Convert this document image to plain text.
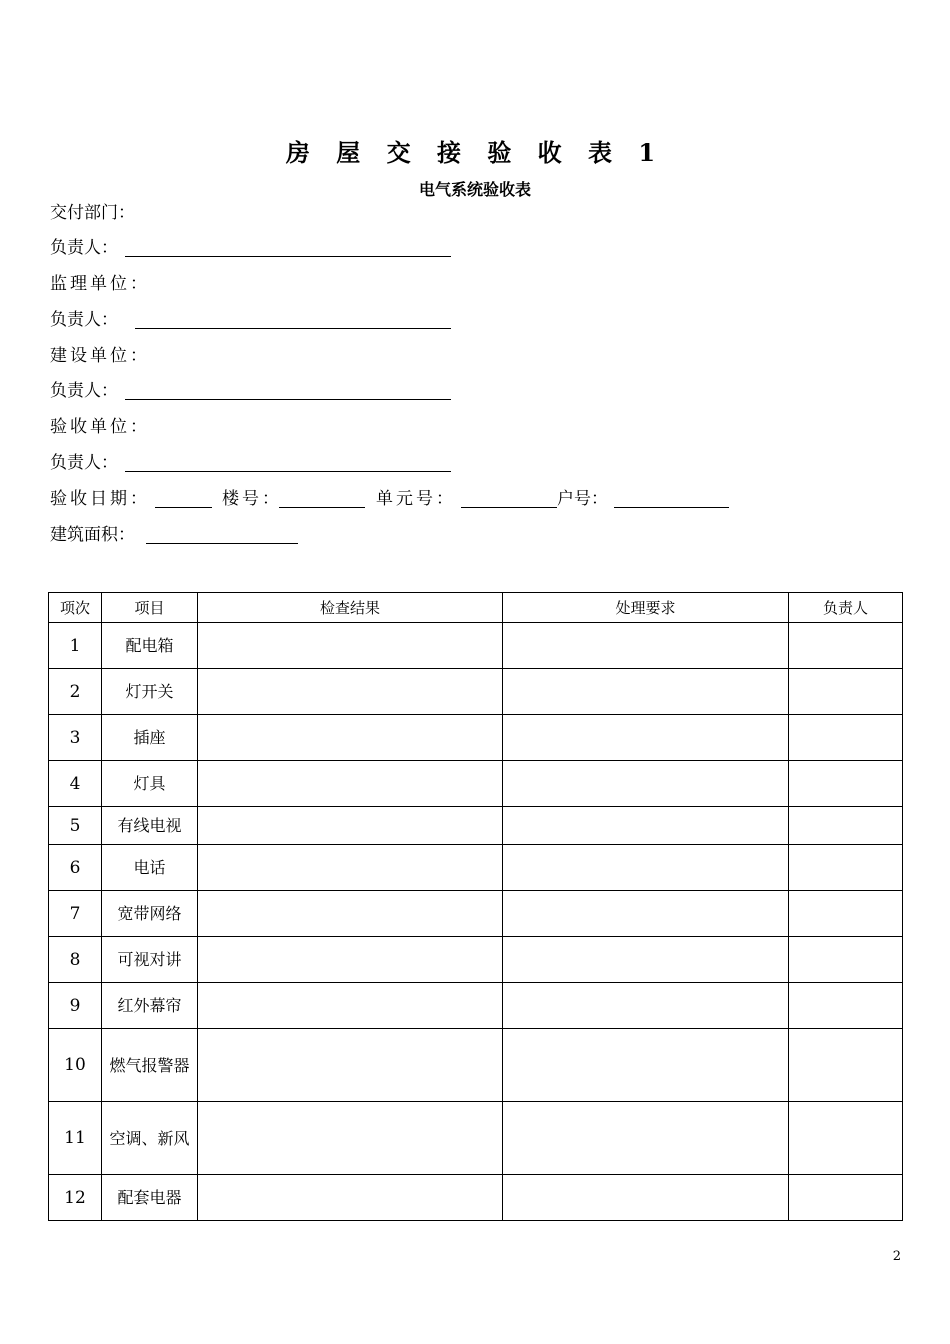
房 屋 交 接 验 收 表 1
电气系统验收表
交付部门：
负责人：
监理单位：
负责人：
建设单位：
负责人：
验收单位：
负责人：
验收日期：	楼号：	单元号：	户号：
建筑面积：
项次	项目	检查结果	处理要求	负责人
1	配电箱			
2	灯开关			
3	插座			
4	灯具			
5	有线电视			
6	电话			
7	宽带网络			
8	可视对讲			
9	红外幕帘			
10	燃气报警器			
11	空调、新风			
12	配套电器			
2
